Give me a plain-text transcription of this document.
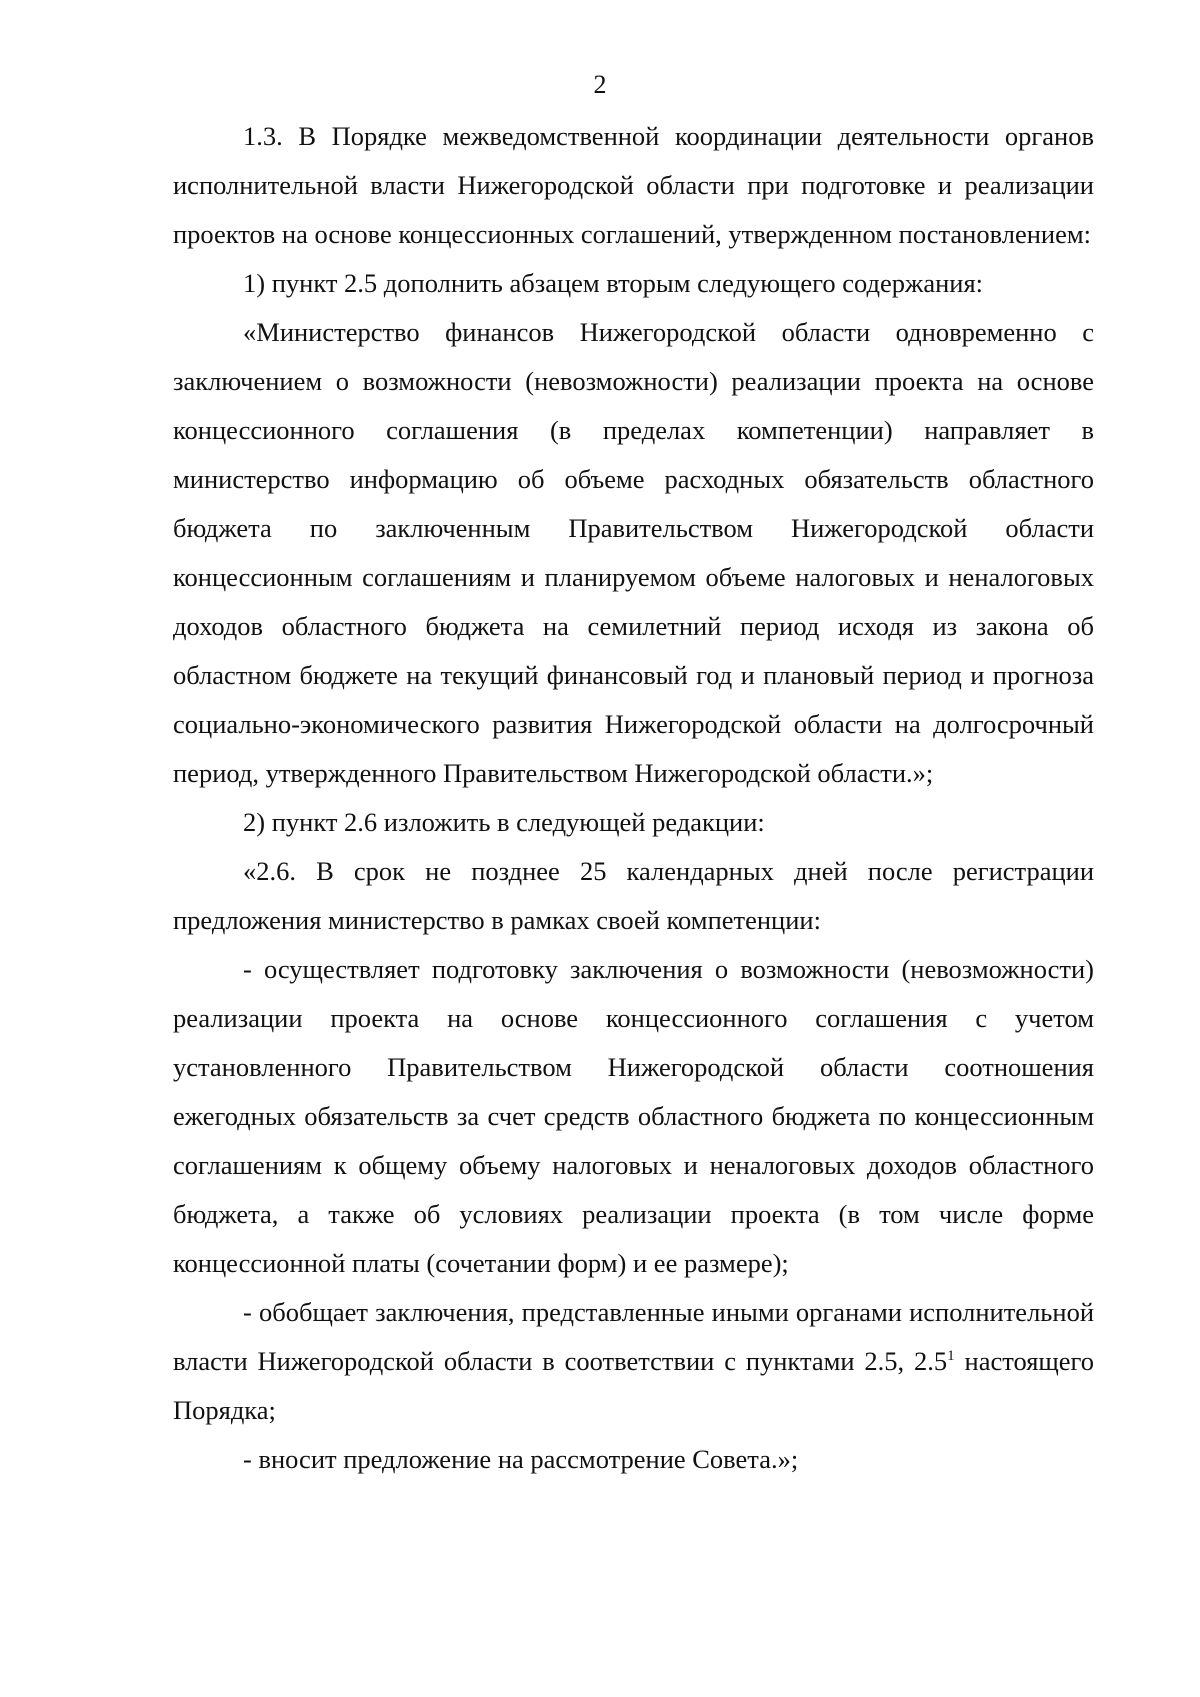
2

1.3. В Порядке межведомственной координации деятельности органов исполнительной власти Нижегородской области при подготовке и реализации проектов на основе концессионных соглашений, утвержденном постановлением:

1) пункт 2.5 дополнить абзацем вторым следующего содержания:

«Министерство финансов Нижегородской области одновременно с заключением о возможности (невозможности) реализации проекта на основе концессионного соглашения (в пределах компетенции) направляет в министерство информацию об объеме расходных обязательств областного бюджета по заключенным Правительством Нижегородской области концессионным соглашениям и планируемом объеме налоговых и неналоговых доходов областного бюджета на семилетний период исходя из закона об областном бюджете на текущий финансовый год и плановый период и прогноза социально-экономического развития Нижегородской области на долгосрочный период, утвержденного Правительством Нижегородской области.»;

2) пункт 2.6 изложить в следующей редакции:

«2.6. В срок не позднее 25 календарных дней после регистрации предложения министерство в рамках своей компетенции:

- осуществляет подготовку заключения о возможности (невозможности) реализации проекта на основе концессионного соглашения с учетом установленного Правительством Нижегородской области соотношения ежегодных обязательств за счет средств областного бюджета по концессионным соглашениям к общему объему налоговых и неналоговых доходов областного бюджета, а также об условиях реализации проекта (в том числе форме концессионной платы (сочетании форм) и ее размере);

- обобщает заключения, представленные иными органами исполнительной власти Нижегородской области в соответствии с пунктами 2.5, $2.5^1$ настоящего Порядка;

- вносит предложение на рассмотрение Совета.»;
